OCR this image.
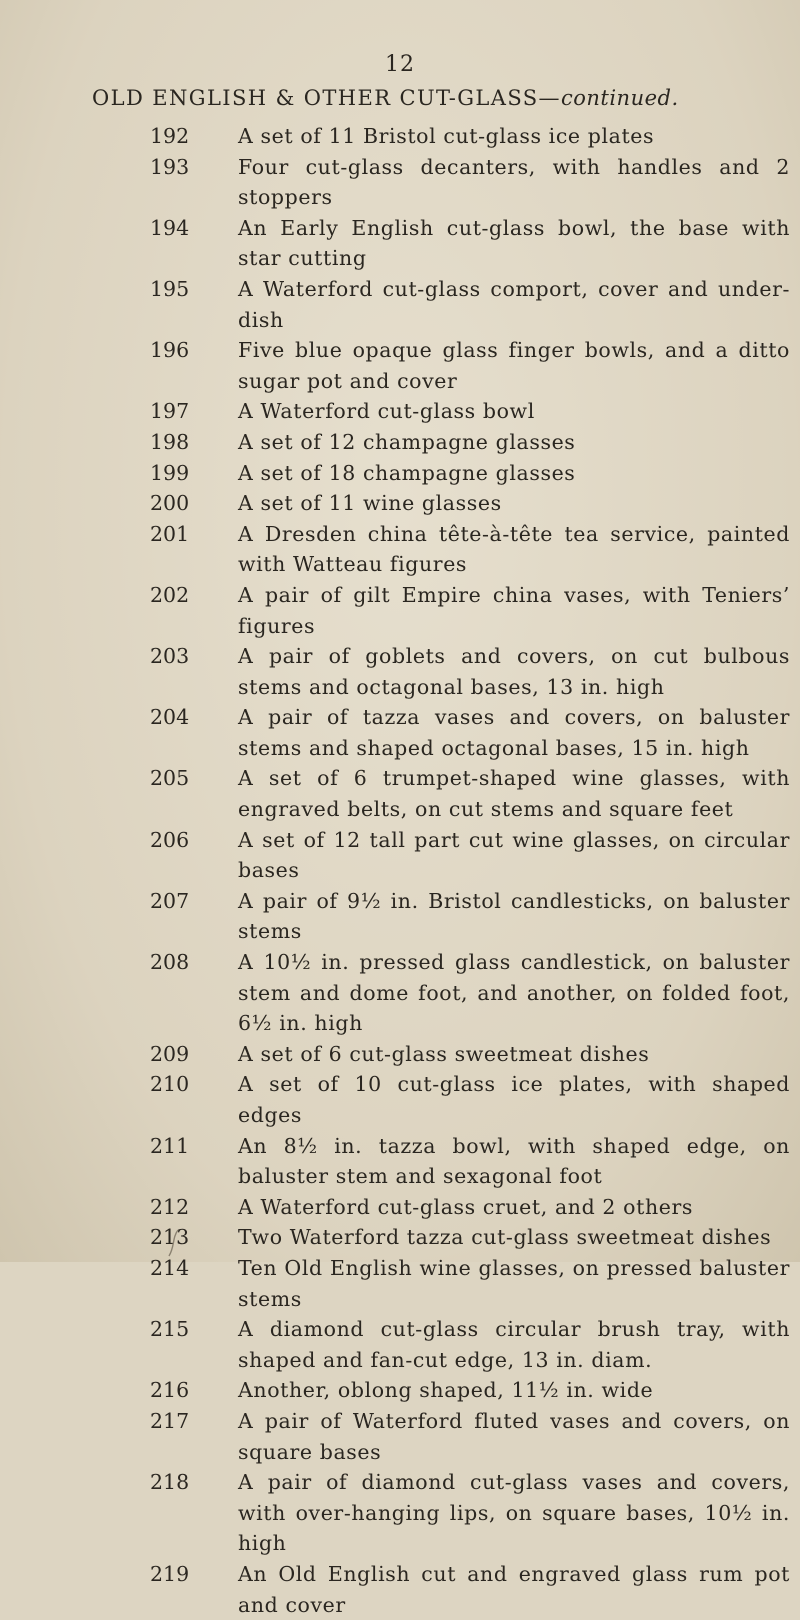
12
OLD ENGLISH & OTHER CUT-GLASS—continued.
192	A set of 11 Bristol cut-glass ice plates
193	Four cut-glass decanters, with handles and 2 stoppers
194	An Early English cut-glass bowl, the base with star cutting
195	A Waterford cut-glass comport, cover and under-dish
196	Five blue opaque glass finger bowls, and a ditto sugar pot and cover
197	A Waterford cut-glass bowl
198	A set of 12 champagne glasses
199	A set of 18 champagne glasses
200	A set of 11 wine glasses
201	A Dresden china tête-à-tête tea service, painted with Watteau figures
202	A pair of gilt Empire china vases, with Teniers’ figures
203	A pair of goblets and covers, on cut bulbous stems and octagonal bases, 13 in. high
204	A pair of tazza vases and covers, on baluster stems and shaped octagonal bases, 15 in. high
205	A set of 6 trumpet-shaped wine glasses, with engraved belts, on cut stems and square feet
206	A set of 12 tall part cut wine glasses, on circular bases
207	A pair of 9½ in. Bristol candlesticks, on baluster stems
208	A 10½ in. pressed glass candlestick, on baluster stem and dome foot, and another, on folded foot, 6½ in. high
209	A set of 6 cut-glass sweetmeat dishes
210	A set of 10 cut-glass ice plates, with shaped edges
211	An 8½ in. tazza bowl, with shaped edge, on baluster stem and sexagonal foot
212	A Waterford cut-glass cruet, and 2 others
213	Two Waterford tazza cut-glass sweetmeat dishes
214	Ten Old English wine glasses, on pressed baluster stems
215	A diamond cut-glass circular brush tray, with shaped and fan-cut edge, 13 in. diam.
216	Another, oblong shaped, 11½ in. wide
217	A pair of Waterford fluted vases and covers, on square bases
218	A pair of diamond cut-glass vases and covers, with over-hanging lips, on square bases, 10½ in. high
219	An Old English cut and engraved glass rum pot and cover
